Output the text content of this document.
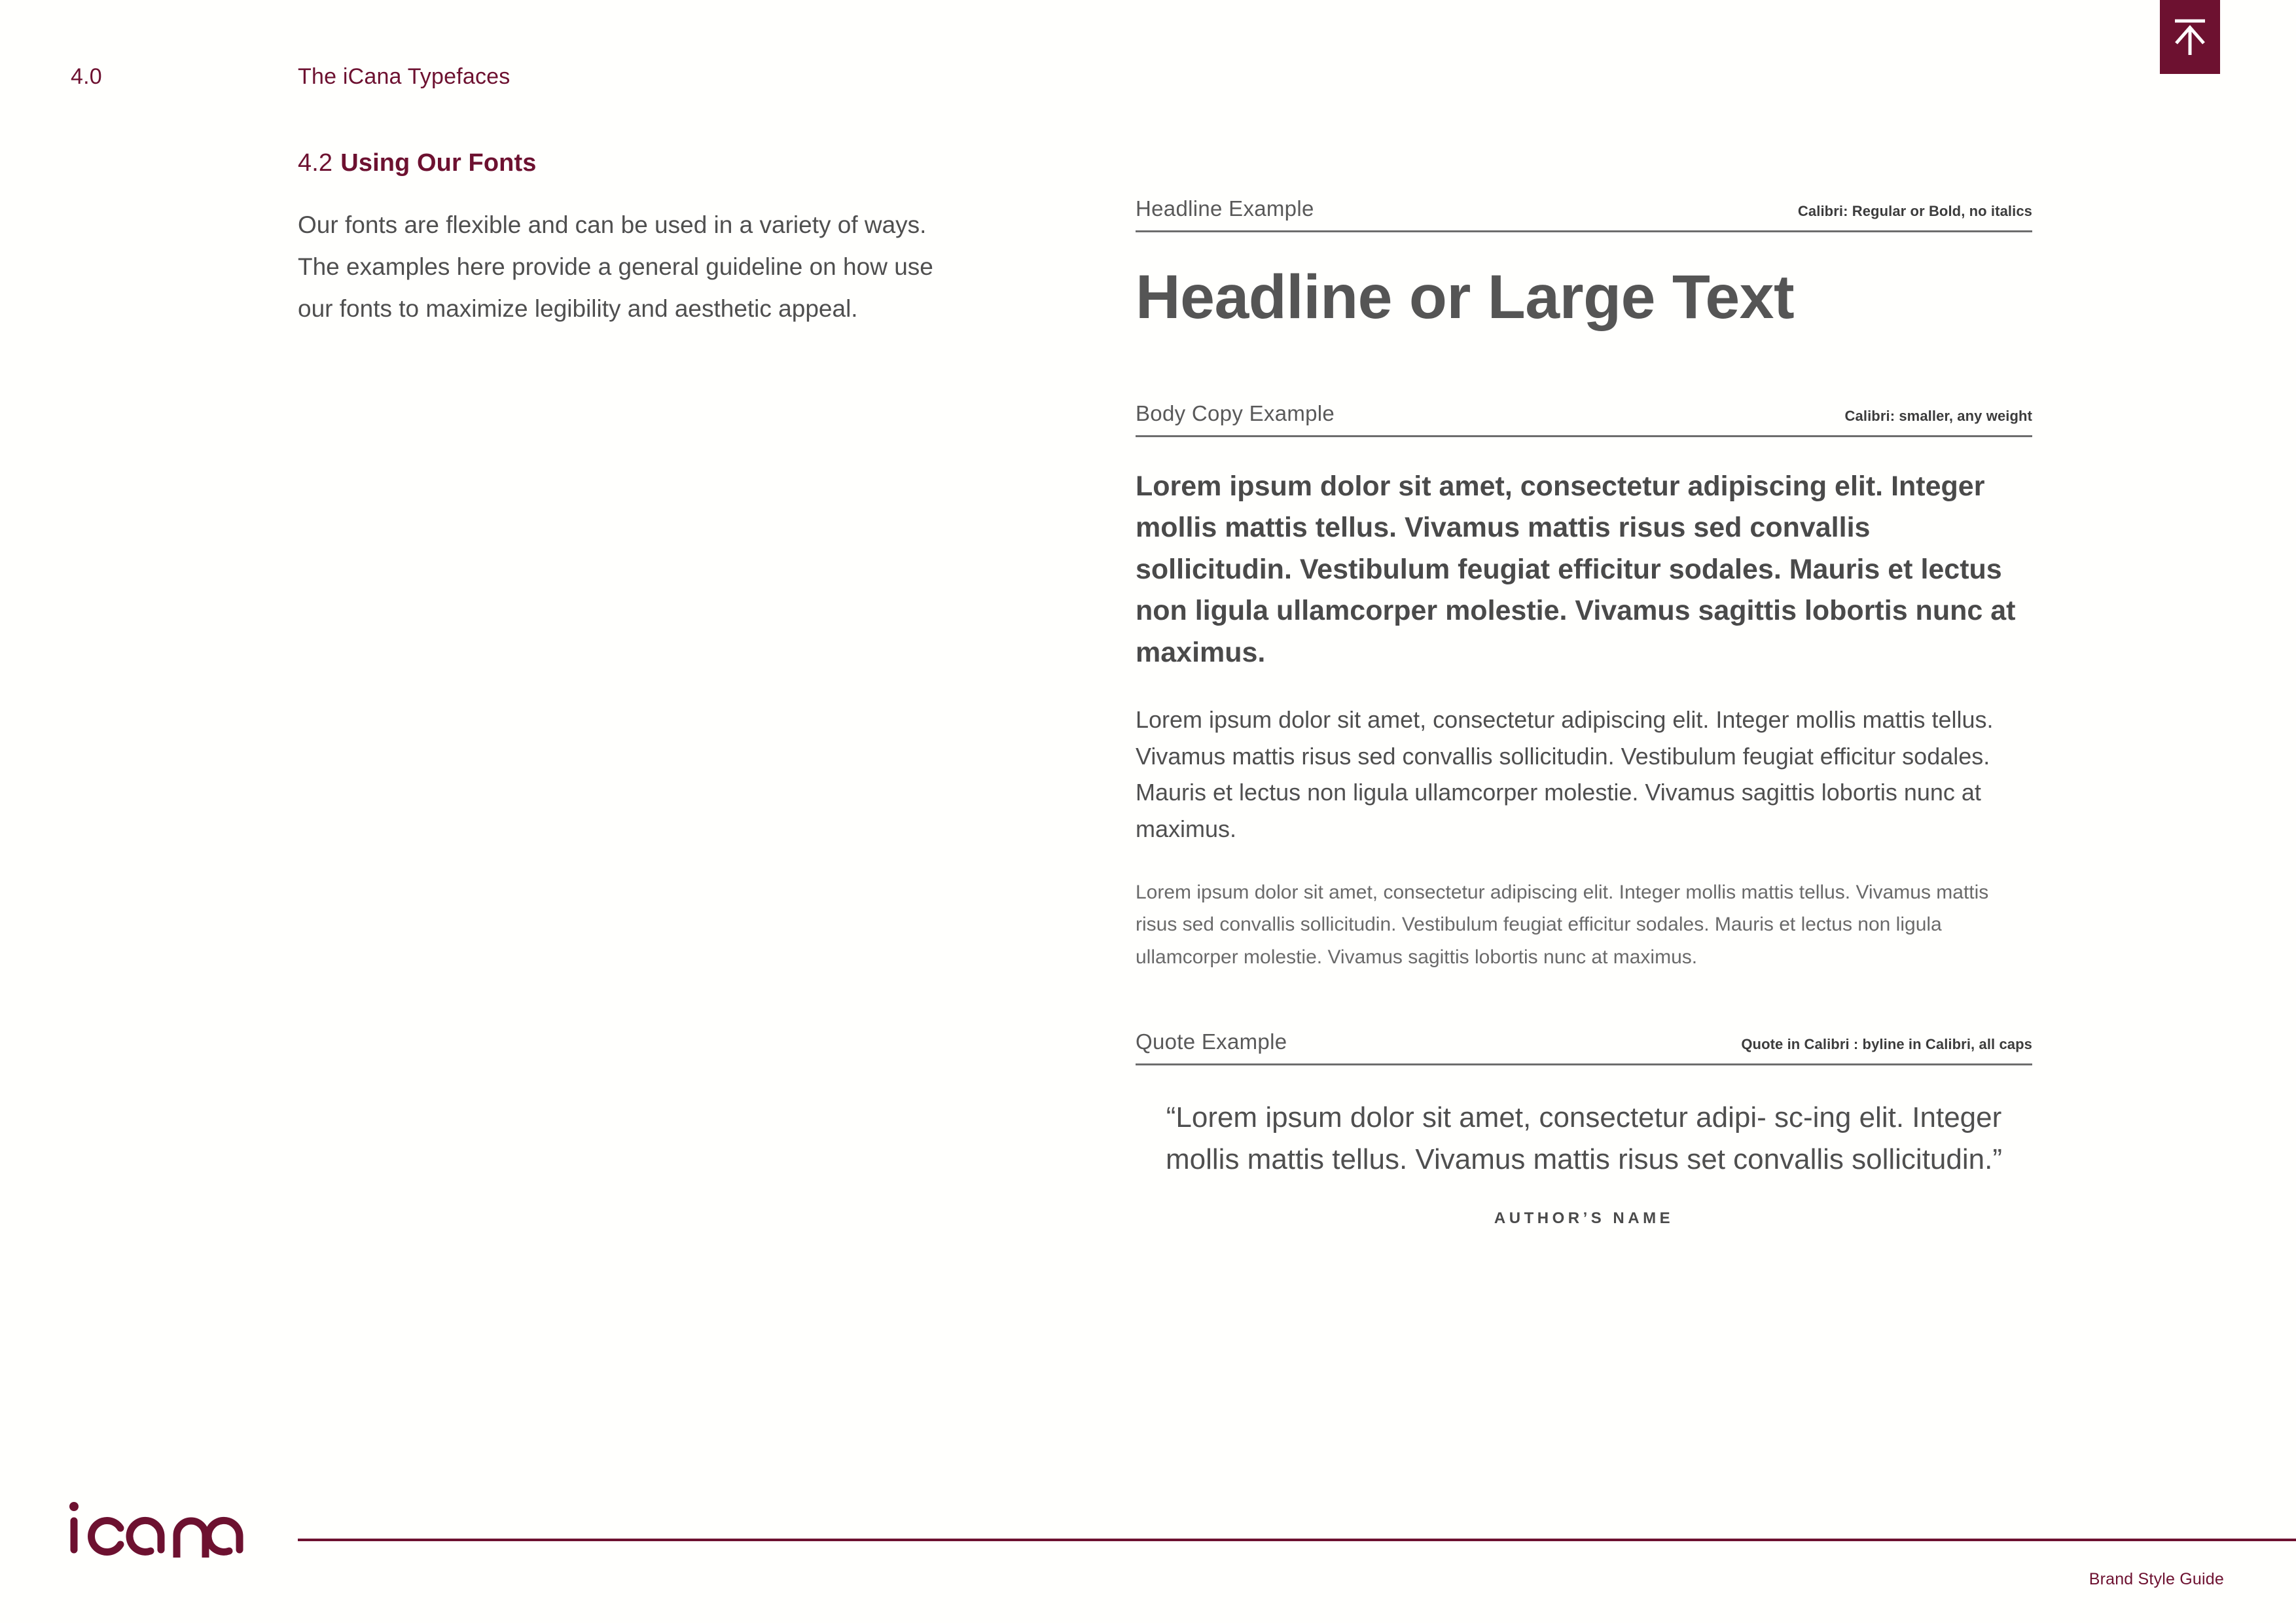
4.0	The iCana Typefaces
4.2 Using Our Fonts

Our fonts are flexible and can be used in a variety of ways. The examples here provide a general guideline on how use our fonts to maximize legibility and aesthetic appeal.

Headline Example	Calibri: Regular or Bold, no italics
Headline or Large Text
Body Copy Example	Calibri: smaller, any weight

Lorem ipsum dolor sit amet, consectetur adipiscing elit. Integer mollis mattis tellus. Vivamus mattis risus sed convallis sollicitudin. Vestibulum feugiat efficitur sodales. Mauris et lectus non ligula ullamcorper molestie. Vivamus sagittis lobortis nunc at maximus.

Lorem ipsum dolor sit amet, consectetur adipiscing elit. Integer mollis mattis tellus. Vivamus mattis risus sed convallis sollicitudin. Vestibulum feugiat efficitur sodales. Mauris et lectus non ligula ullamcorper molestie. Vivamus sagittis lobortis nunc at maximus.

Lorem ipsum dolor sit amet, consectetur adipiscing elit. Integer mollis mattis tellus. Vivamus mattis risus sed convallis sollicitudin. Vestibulum feugiat efficitur sodales. Mauris et lectus non ligula ullamcorper molestie. Vivamus sagittis lobortis nunc at maximus.

Quote Example	Quote in Calibri : byline in Calibri, all caps

“Lorem ipsum dolor sit amet, consectetur adipi- sc-ing elit. Integer mollis mattis tellus. Vivamus mattis risus set convallis sollicitudin.”

AUTHOR’S NAME

Brand Style Guide
